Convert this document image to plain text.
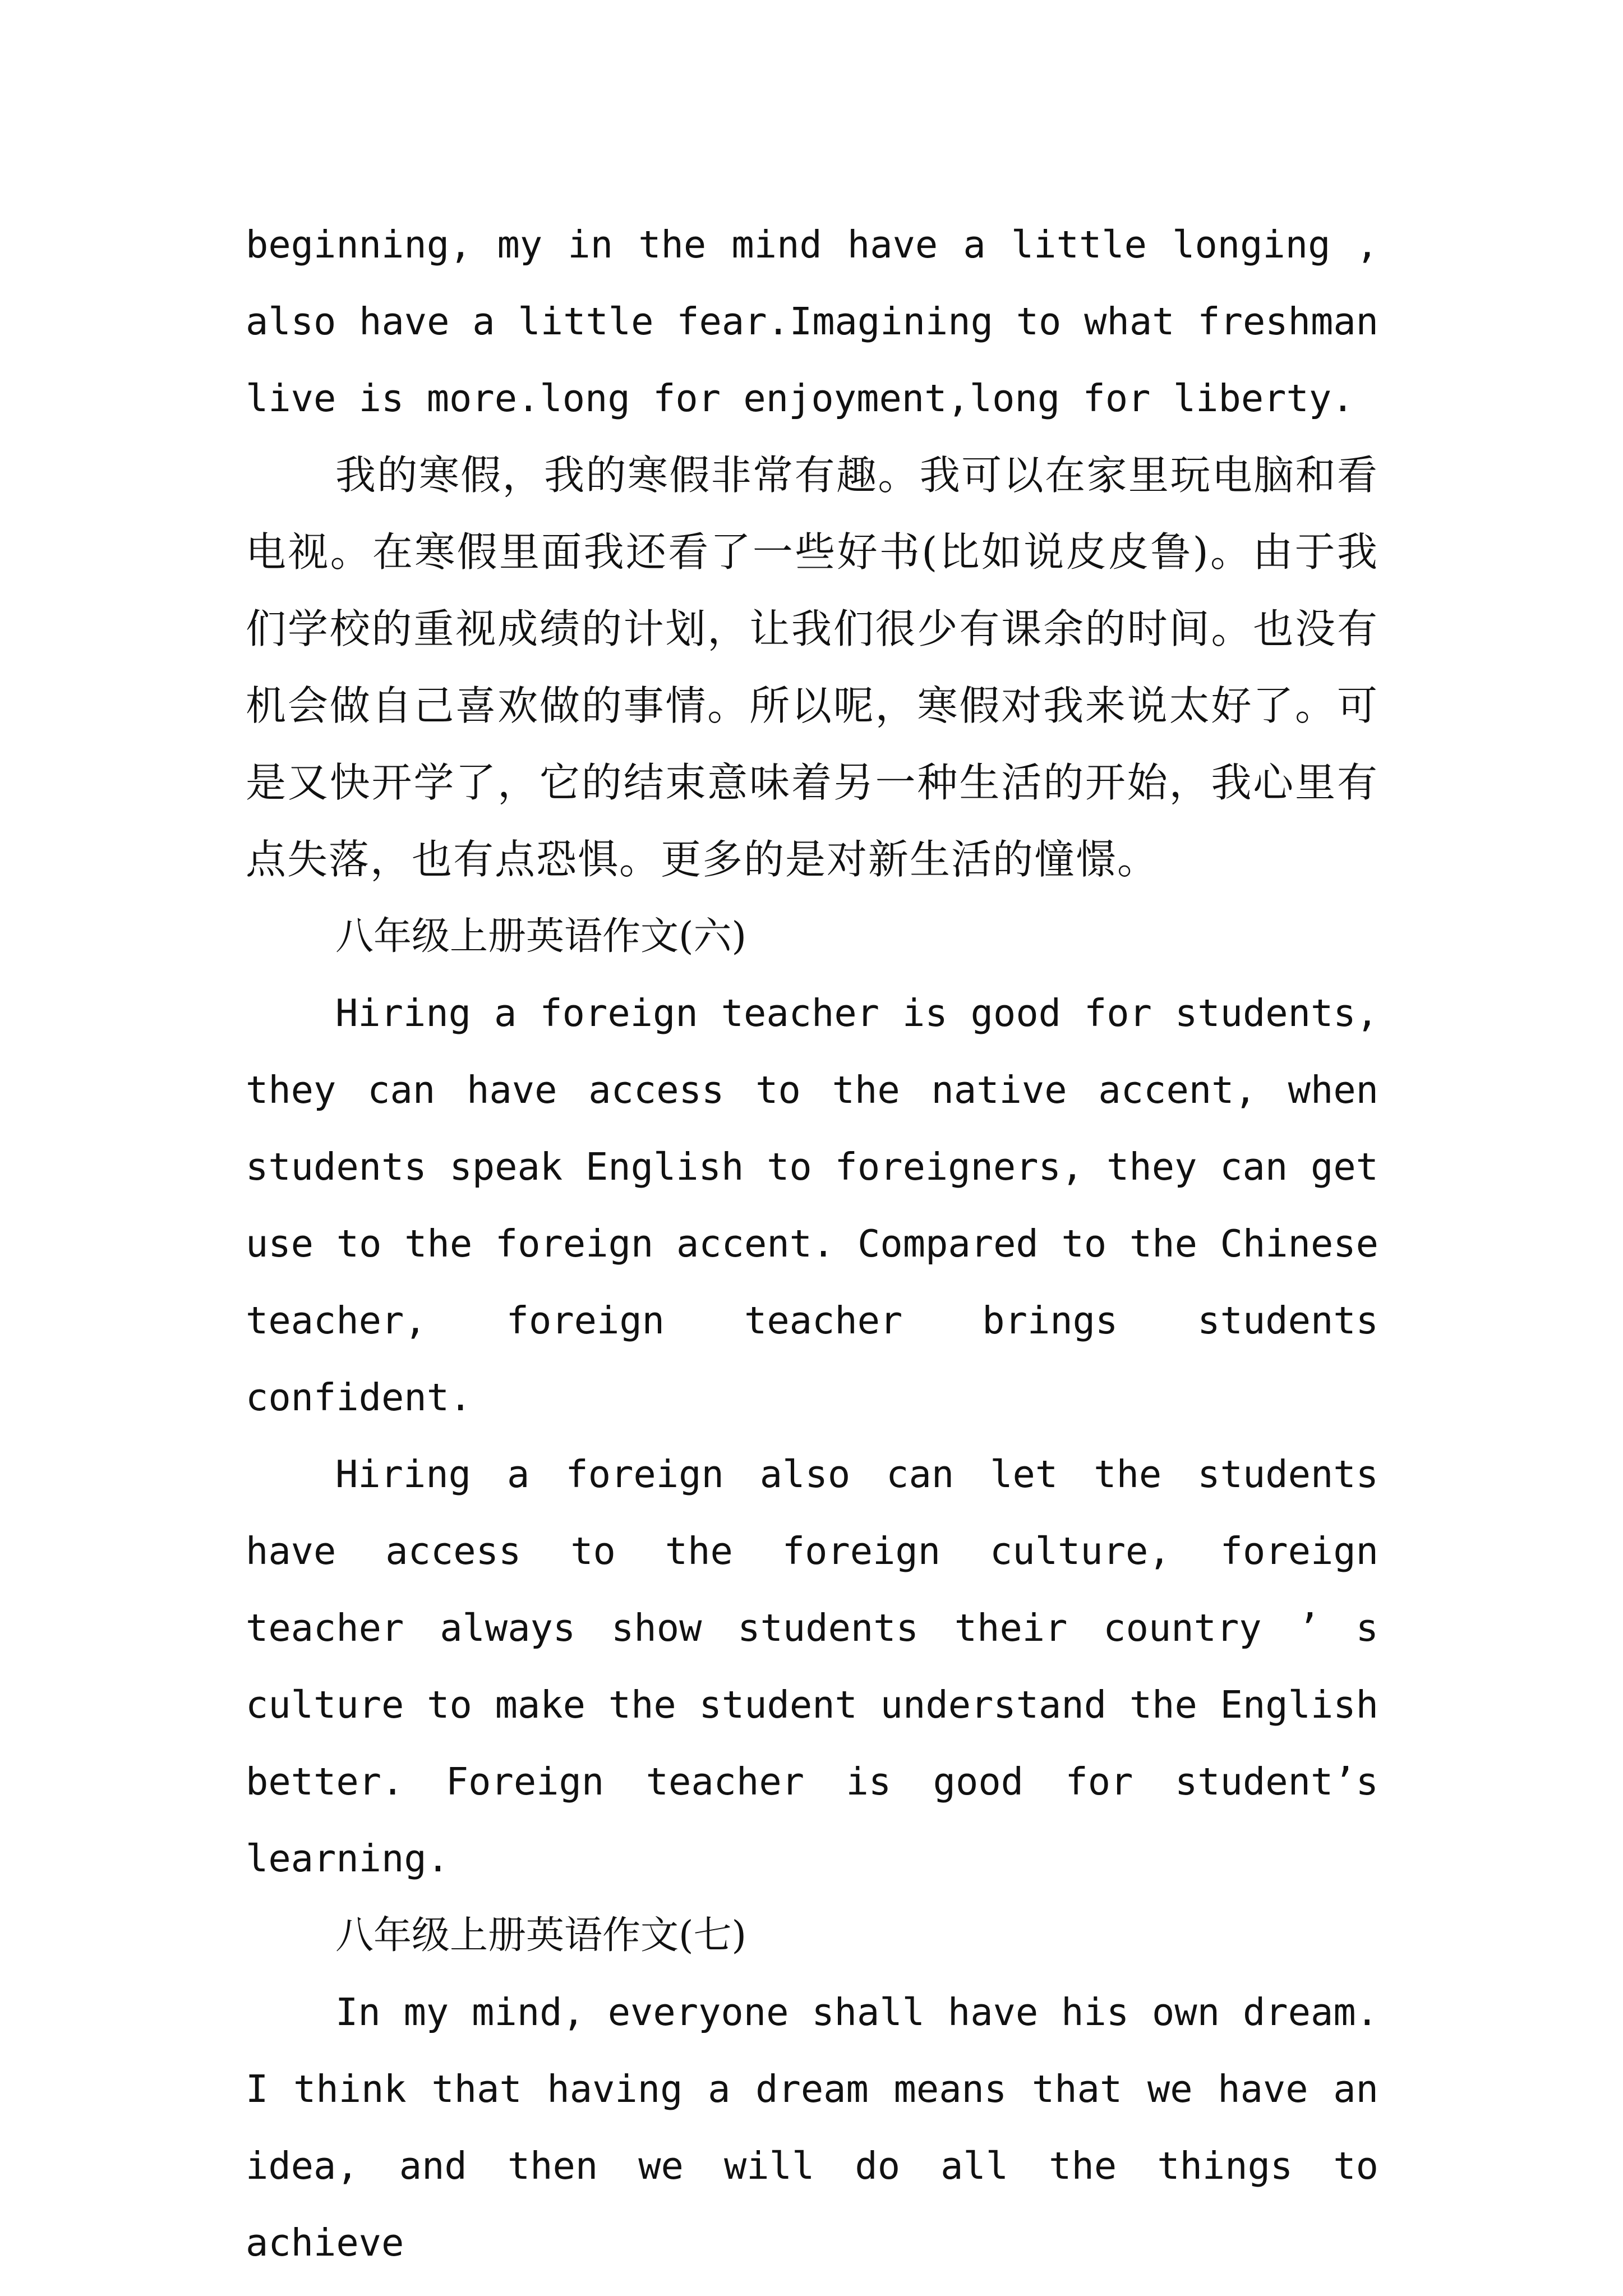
beginning, my in the mind have a little longing , also have a little fear.Imagining to what freshman live is more.long for enjoyment,long for liberty.

我的寒假，我的寒假非常有趣。我可以在家里玩电脑和看电视。在寒假里面我还看了一些好书(比如说皮皮鲁)。由于我们学校的重视成绩的计划，让我们很少有课余的时间。也没有机会做自己喜欢做的事情。所以呢，寒假对我来说太好了。可是又快开学了，它的结束意味着另一种生活的开始，我心里有点失落，也有点恐惧。更多的是对新生活的憧憬。

八年级上册英语作文(六)

Hiring a foreign teacher is good for students, they can have access to the native accent, when students speak English to foreigners, they can get use to the foreign accent. Compared to the Chinese teacher, foreign teacher brings students confident.

Hiring a foreign also can let the students have access to the foreign culture, foreign teacher always show students their country ’ s culture to make the student understand the English better. Foreign teacher is good for student’s learning.

八年级上册英语作文(七)

In my mind, everyone shall have his own dream. I think that having a dream means that we have an idea, and then we will do all the things to achieve
